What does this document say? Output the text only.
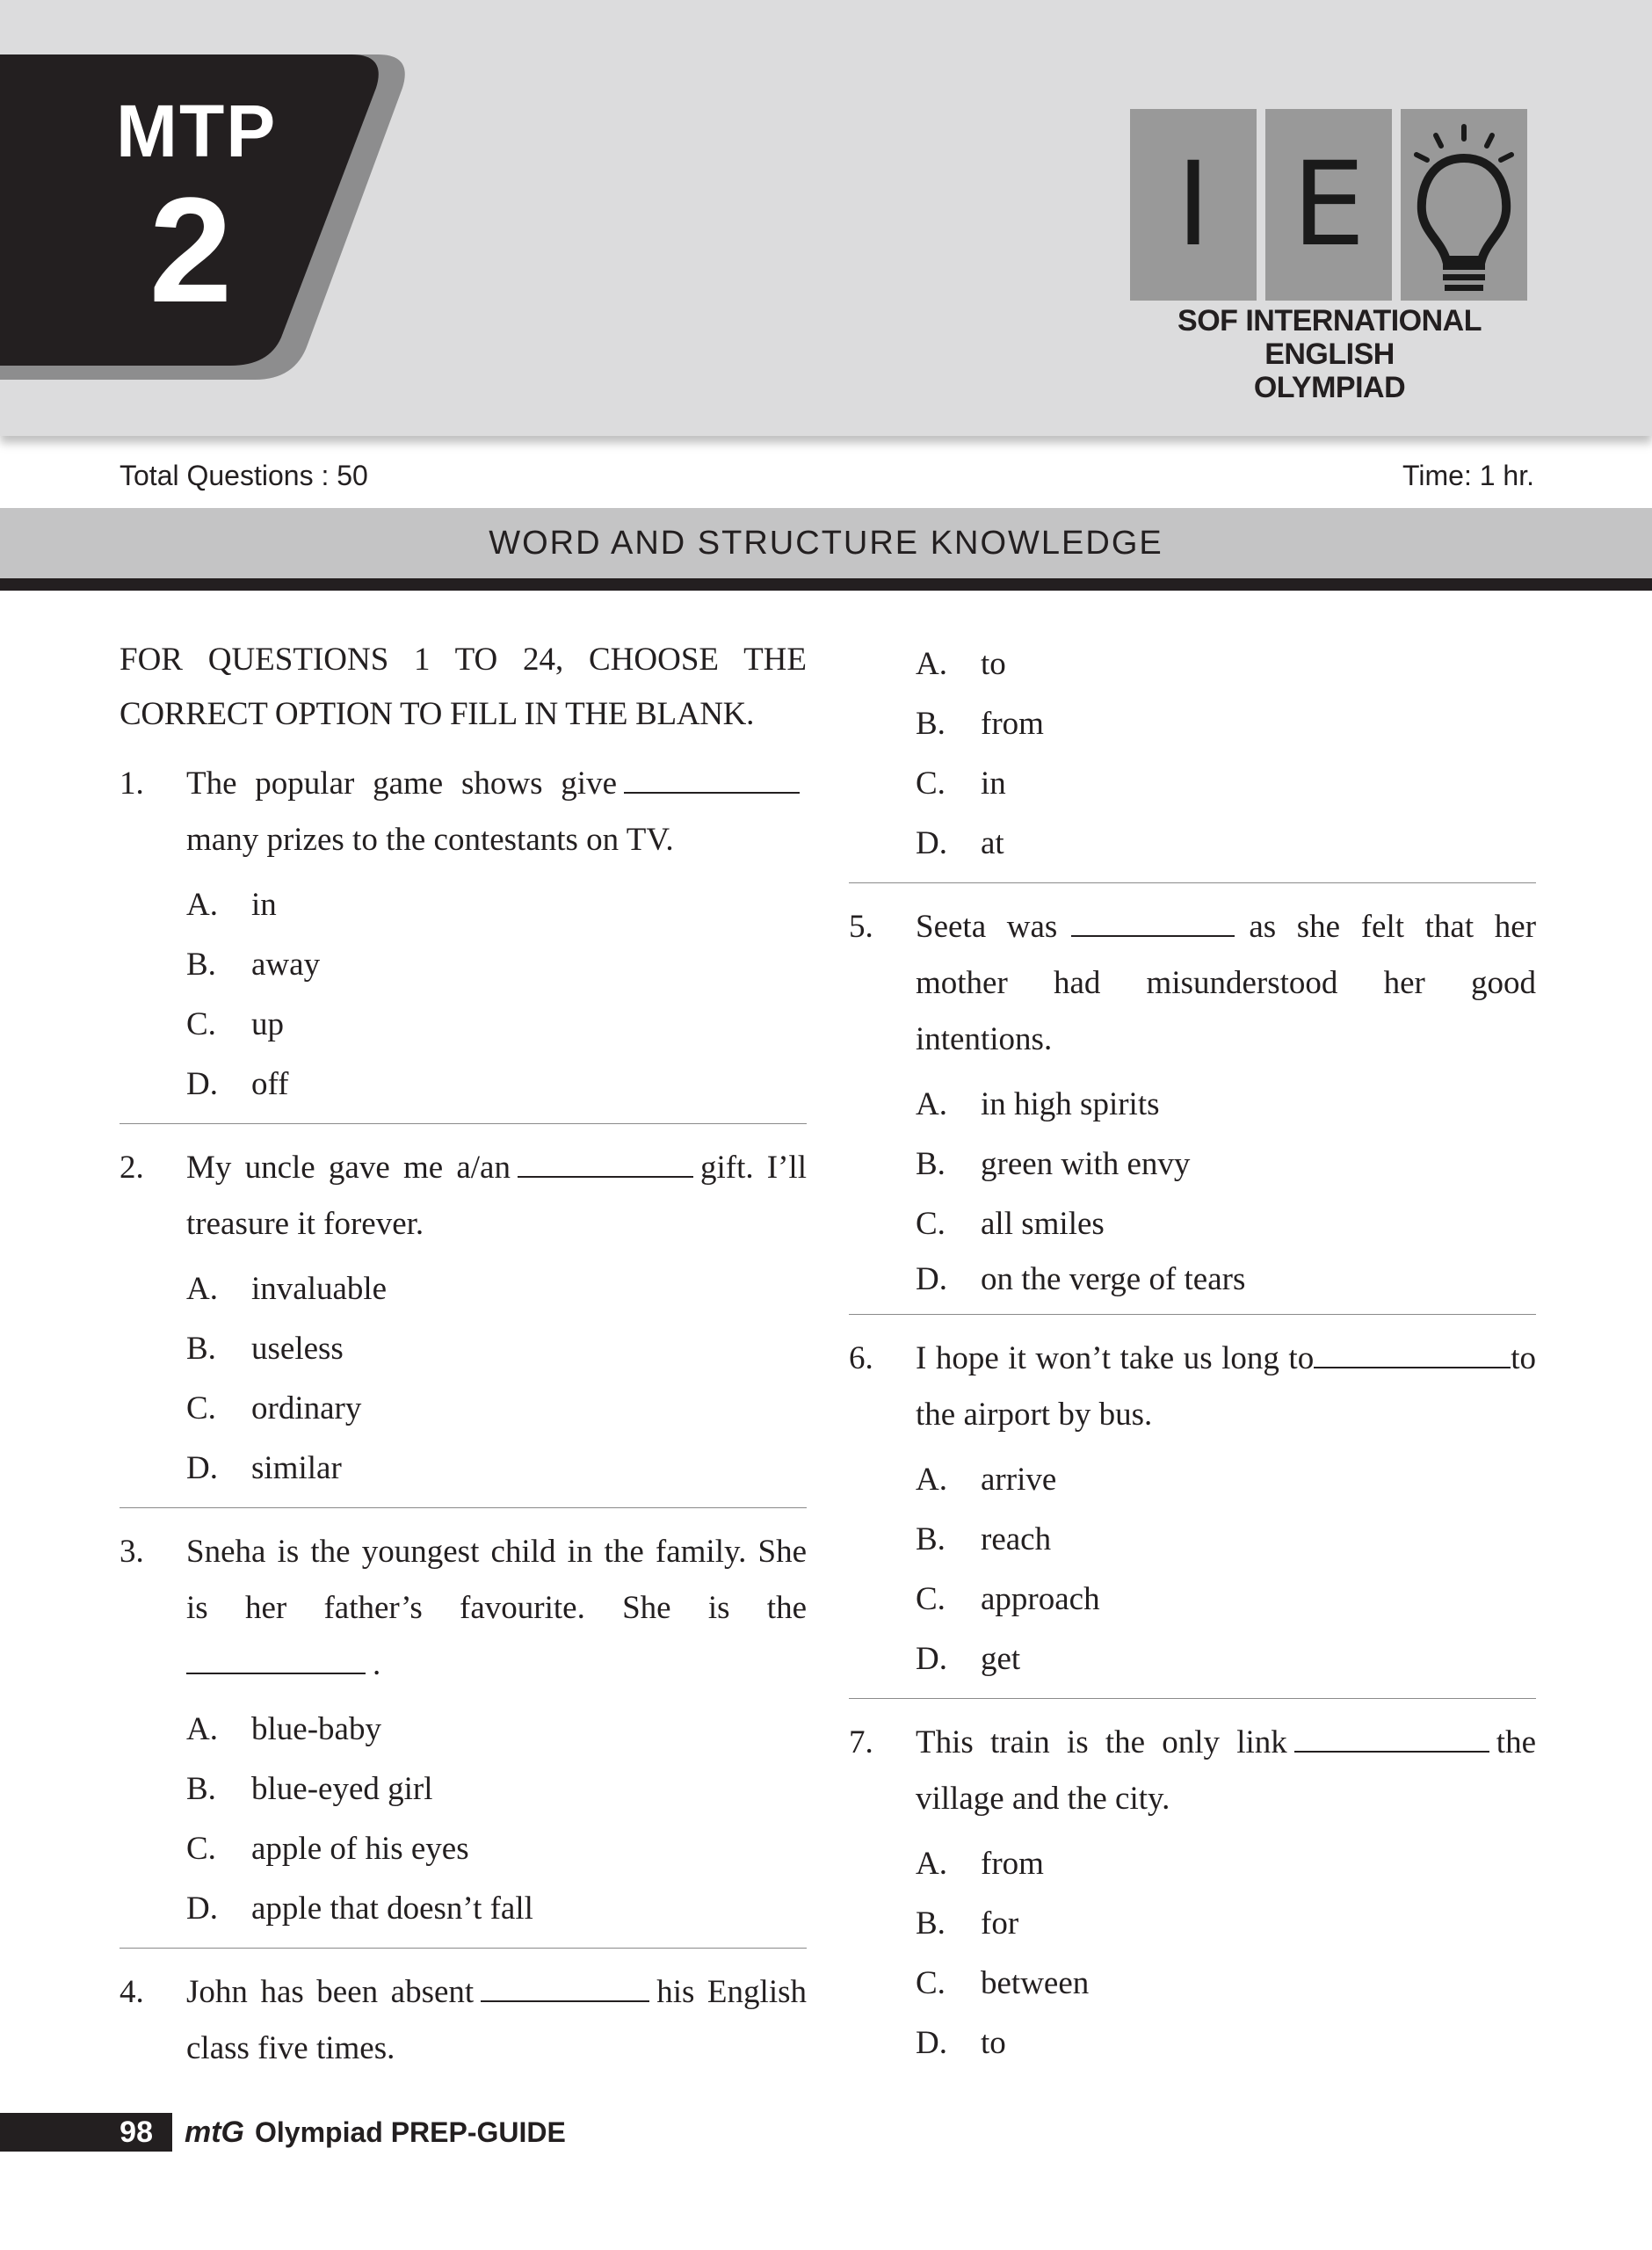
MTP
2	I E
SOF INTERNATIONAL ENGLISH
OLYMPIAD
Total Questions : 50	Time: 1 hr.
WORD AND STRUCTURE KNOWLEDGE
FOR QUESTIONS 1 TO 24, CHOOSE THE
CORRECT OPTION TO FILL IN THE BLANK.
1.	The popular game shows givemany prizes to the contestants on TV.
A.	in
B.	away
C.	up
D.	off
2.	My uncle gave me a/an	gift. I’ll treasure it forever.
A.	invaluable
B.	useless
C.	ordinary
D.	similar
3.	Sneha is the youngest child in the family. She is her father’s favourite. She is the.
A.	blue-baby
B.	blue-eyed girl
C.	apple of his eyes
D.	apple that doesn’t fall
4.	John has been absent	his English class five times.
A.	to
B.	from
C.	in
D.	at
5.	Seeta was	as she felt that her mother had misunderstood her good intentions.
A.	in high spirits
B.	green with envy
C.	all smiles
D.	on the verge of tears
6.	I hope it won’t take us long to	to the airport by bus.
A.	arrive
B.	reach
C.	approach
D.	get
7.	This train is the only link	the village and the city.
A.	from
B.	for
C.	between
D.	to
98	mtG Olympiad PREP-GUIDE
